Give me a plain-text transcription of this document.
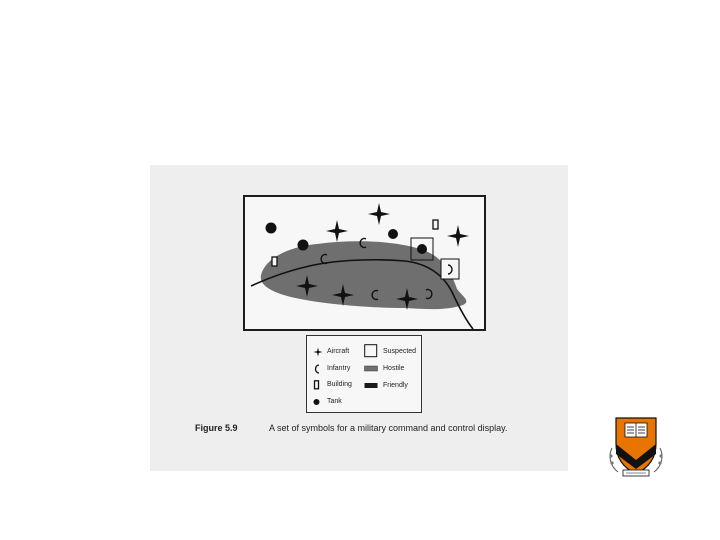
Aircraft
Infantry
Building
Tank
Suspected
Hostile
Friendly
Figure 5.9	A set of symbols for a military command and control display.
